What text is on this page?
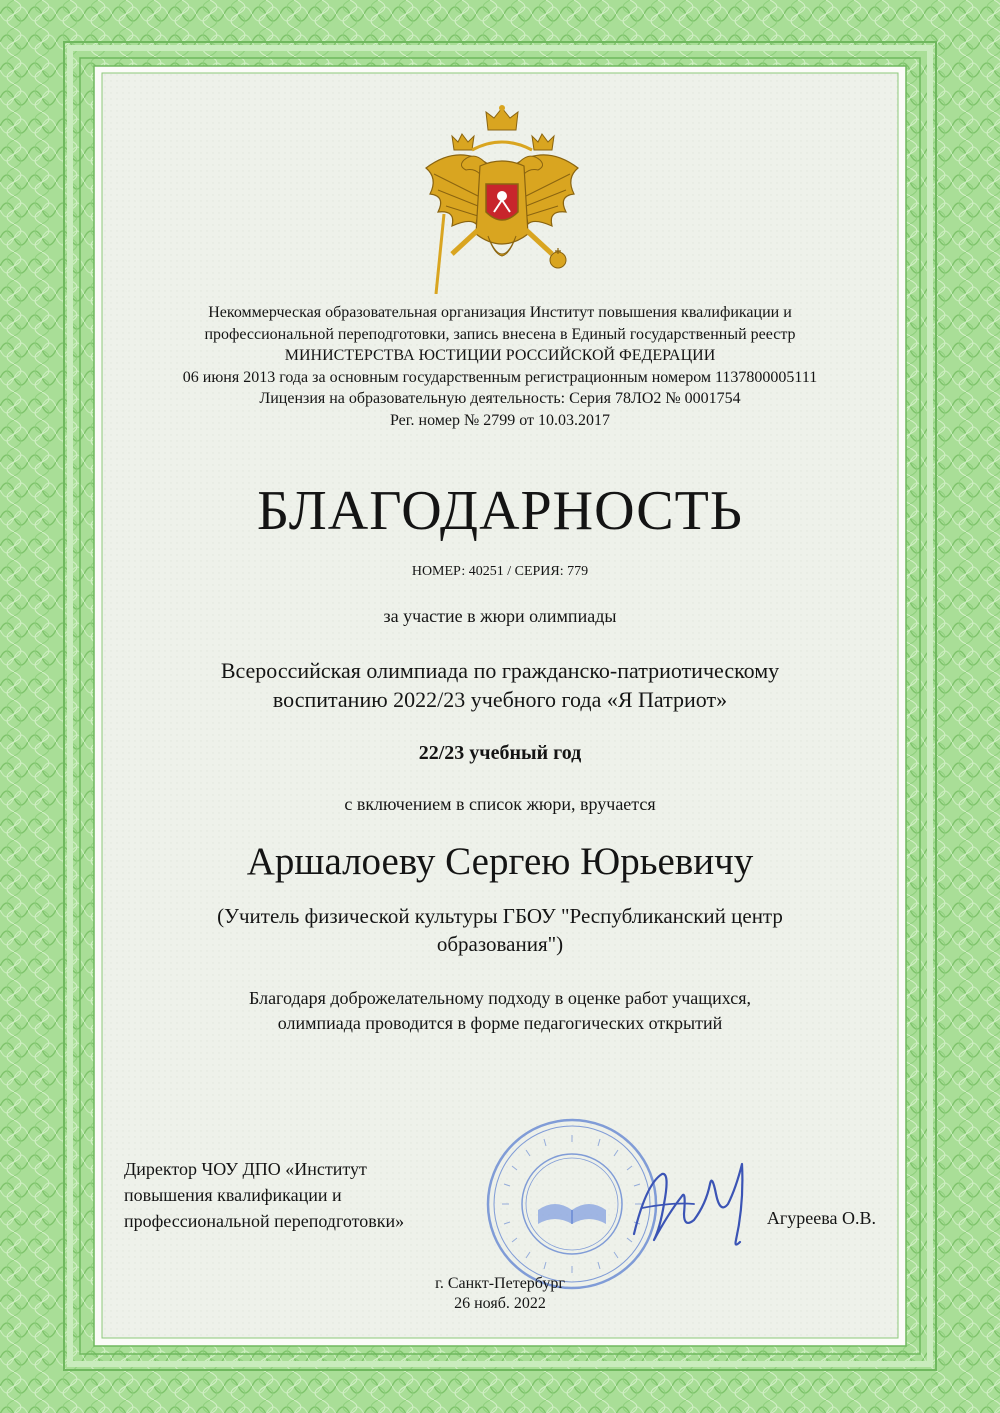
Некоммерческая образовательная организация Институт повышения квалификации и
профессиональной переподготовки, запись внесена в Единый государственный реестр
МИНИСТЕРСТВА ЮСТИЦИИ РОССИЙСКОЙ ФЕДЕРАЦИИ
06 июня 2013 года за основным государственным регистрационным номером 1137800005111
Лицензия на образовательную деятельность: Серия 78ЛО2 № 0001754
Рег. номер № 2799 от 10.03.2017
БЛАГОДАРНОСТЬ
НОМЕР: 40251 / СЕРИЯ: 779
за участие в жюри олимпиады
Всероссийская олимпиада по гражданско-патриотическому
воспитанию 2022/23 учебного года «Я Патриот»
22/23 учебный год
с включением в список жюри, вручается
Аршалоеву Сергею Юрьевичу
(Учитель физической культуры ГБОУ "Республиканский центр
образования")
Благодаря доброжелательному подходу в оценке работ учащихся,
олимпиада проводится в форме педагогических открытий
Директор ЧОУ ДПО «Институт
повышения квалификации и
профессиональной переподготовки»	Агуреева О.В.
г. Санкт-Петербург
26 нояб. 2022
